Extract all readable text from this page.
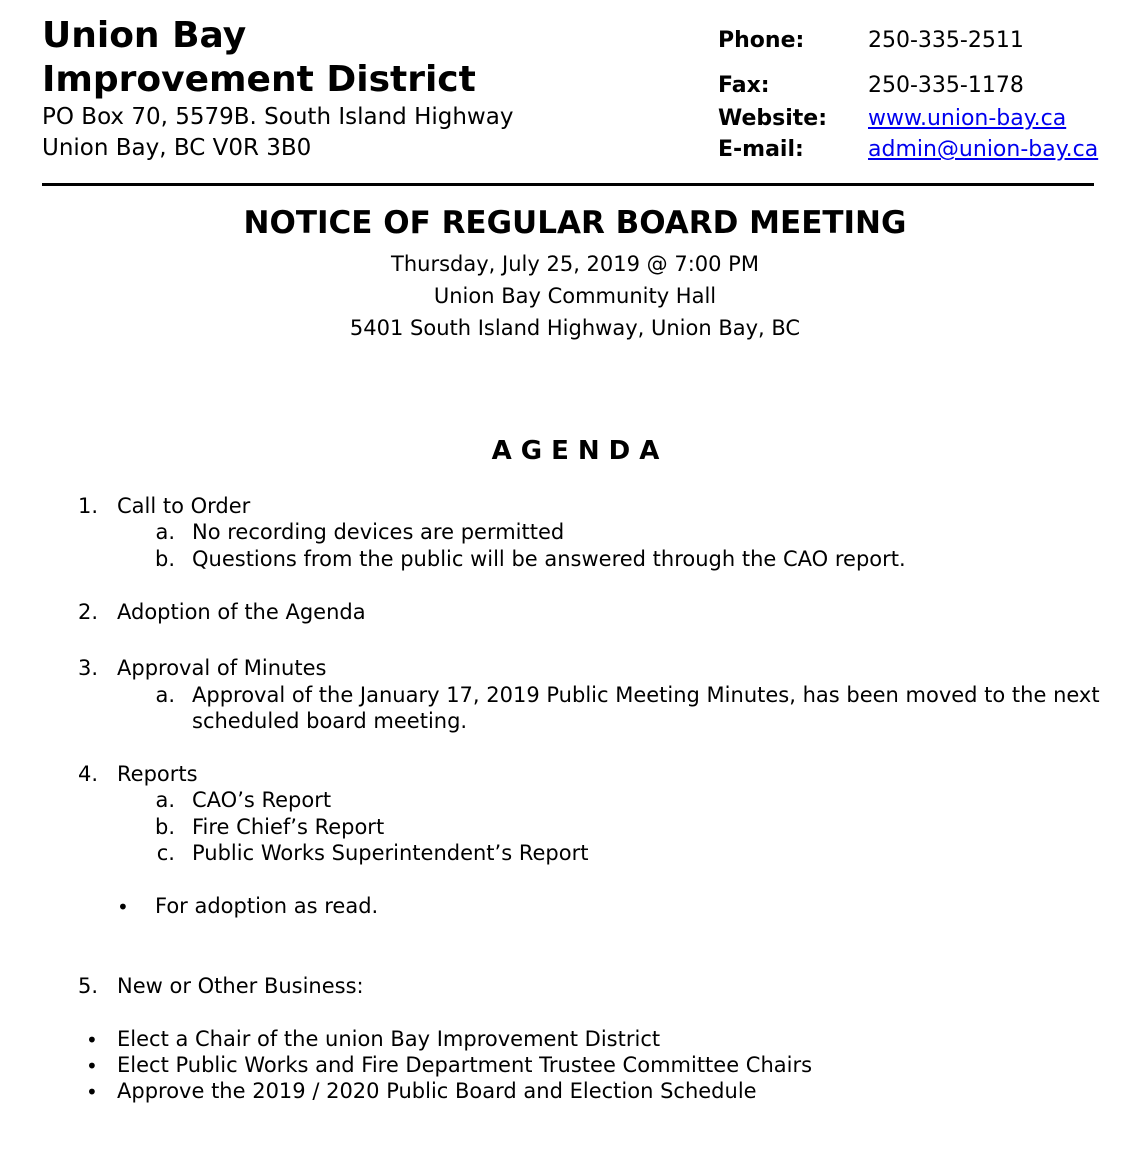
Union Bay
Improvement District
PO Box 70, 5579B. South Island Highway
Union Bay, BC V0R 3B0
Phone:	250-335-2511
Fax:	250-335-1178
Website: www.union-bay.ca
E-mail:	admin@union-bay.ca
NOTICE OF REGULAR BOARD MEETING
Thursday, July 25, 2019 @ 7:00 PM
Union Bay Community Hall
5401 South Island Highway, Union Bay, BC
AGENDA
1. Call to Order
a. No recording devices are permitted
b. Questions from the public will be answered through the CAO report.
2. Adoption of the Agenda
3. Approval of Minutes
a. Approval of the January 17, 2019 Public Meeting Minutes, has been moved to the next
scheduled board meeting.
4. Reports
a. CAO’s Report
b. Fire Chief’s Report
c. Public Works Superintendent’s Report
• For adoption as read.
5. New or Other Business:
• Elect a Chair of the union Bay Improvement District
• Elect Public Works and Fire Department Trustee Committee Chairs
• Approve the 2019 / 2020 Public Board and Election Schedule
